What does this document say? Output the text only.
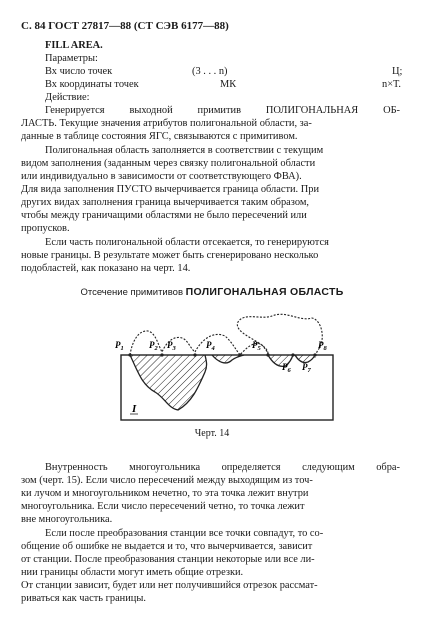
С. 84 ГОСТ 27817—88 (СТ СЭВ 6177—88)
FILL AREA.
Параметры:
Вх число точек	(3 . . . n)	Ц;
Вх координаты точек	МК	n×Т.
Действие:
Генерируется выходной примитив ПОЛИГОНАЛЬНАЯ ОБ-
ЛАСТЬ. Текущие значения атрибутов полигональной области, за-
данные в таблице состояния ЯГС, связываются с примитивом.
Полигональная область заполняется в соответствии с текущим
видом заполнения (заданным через связку полигональной области
или индивидуально в зависимости от соответствующего ФВА).
Для вида заполнения ПУСТО вычерчивается граница области. При
других видах заполнения граница вычерчивается таким образом,
чтобы между граничащими областями не было пересечений или
пропусков.
Если часть полигональной области отсекается, то генерируются
новые границы. В результате может быть сгенерировано несколько
подобластей, как показано на черт. 14.
Отсечение примитивов ПОЛИГОНАЛЬНАЯ ОБЛАСТЬ
$P_1$	$P_2$ $P_3$	$P_4$	$P_5$
$P_6$ $P_7$
$P_8$
I
Черт. 14
Внутренность многоугольника определяется следующим обра-
зом (черт. 15). Если число пересечений между выходящим из точ-
ки лучом и многоугольником нечетно, то эта точка лежит внутри
многоугольника. Если число пересечений четно, то точка лежит
вне многоугольника.
Если после преобразования станции все точки совпадут, то со-
общение об ошибке не выдается и то, что вычерчивается, зависит
от станции. После преобразования станции некоторые или все ли-
нии границы области могут иметь общие отрезки.
От станции зависит, будет или нет получившийся отрезок рассмат-
риваться как часть границы.
